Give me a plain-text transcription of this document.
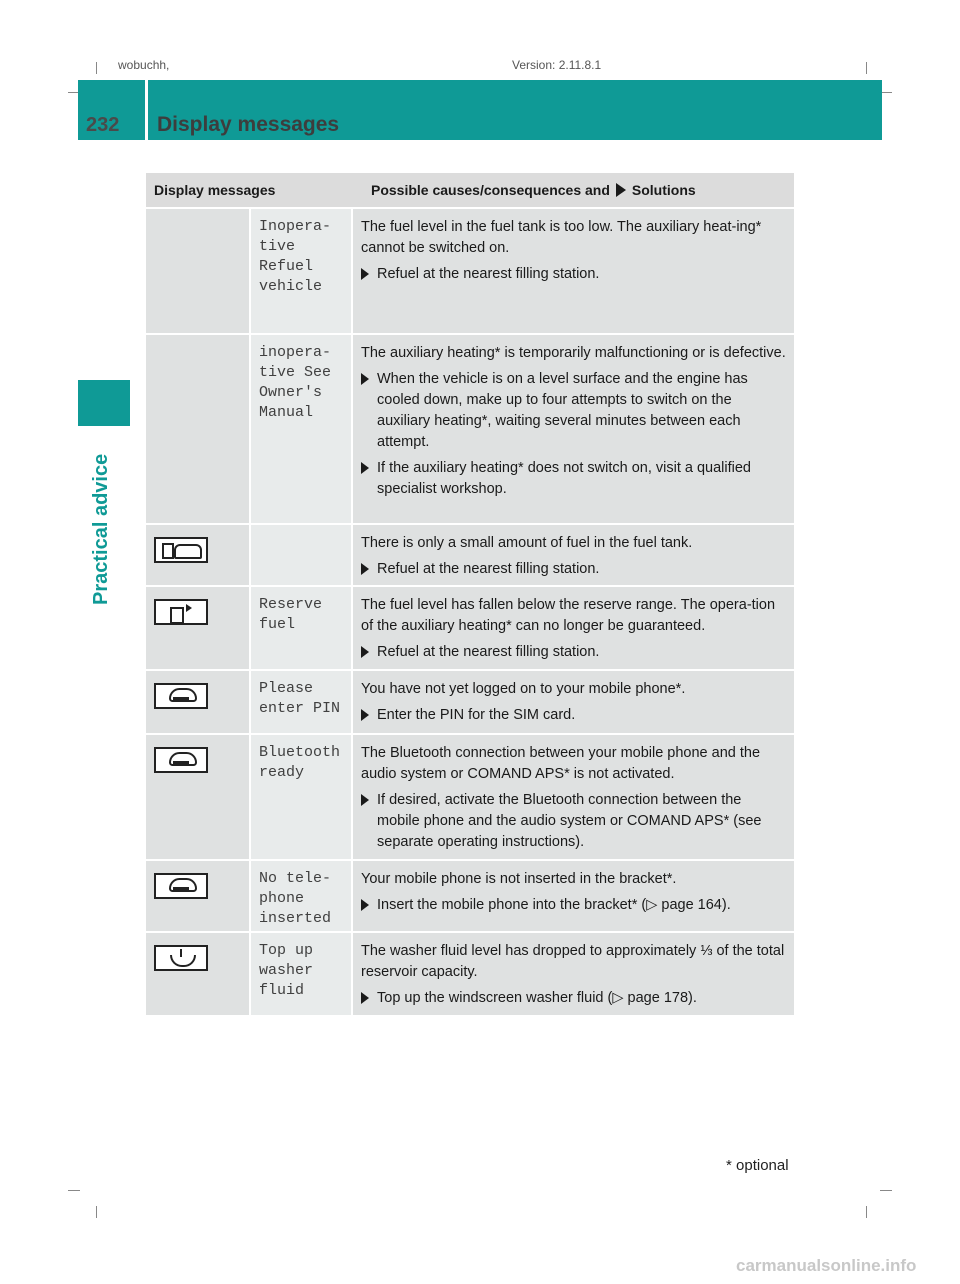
wobuchh,	Version: 2.11.8.1
232 Display messages
Practical advice
Display messages	Possible causes/consequences and Solutions
Inopera-
tive
Refuel
vehicle

The fuel level in the fuel tank is too low. The auxiliary heat-ing* cannot be switched on.

Refuel at the nearest filling station.
inopera-
tive See
Owner's
Manual

The auxiliary heating* is temporarily malfunctioning or is defective.

When the vehicle is on a level surface and the engine has cooled down, make up to four attempts to switch on the auxiliary heating*, waiting several minutes between each attempt.
If the auxiliary heating* does not switch on, visit a qualified specialist workshop.

There is only a small amount of fuel in the fuel tank.

Refuel at the nearest filling station.
Reserve
fuel

The fuel level has fallen below the reserve range. The opera-tion of the auxiliary heating* can no longer be guaranteed.

Refuel at the nearest filling station.
Please
enter PIN

You have not yet logged on to your mobile phone*.

Enter the PIN for the SIM card.
Bluetooth
ready

The Bluetooth connection between your mobile phone and the audio system or COMAND APS* is not activated.

If desired, activate the Bluetooth connection between the mobile phone and the audio system or COMAND APS* (see separate operating instructions).
No tele-
phone
inserted

Your mobile phone is not inserted in the bracket*.

Insert the mobile phone into the bracket* (▷ page 164).
Top up
washer
fluid

The washer fluid level has dropped to approximately ⅓ of the total reservoir capacity.

Top up the windscreen washer fluid (▷ page 178).
* optional
carmanualsonline.info
